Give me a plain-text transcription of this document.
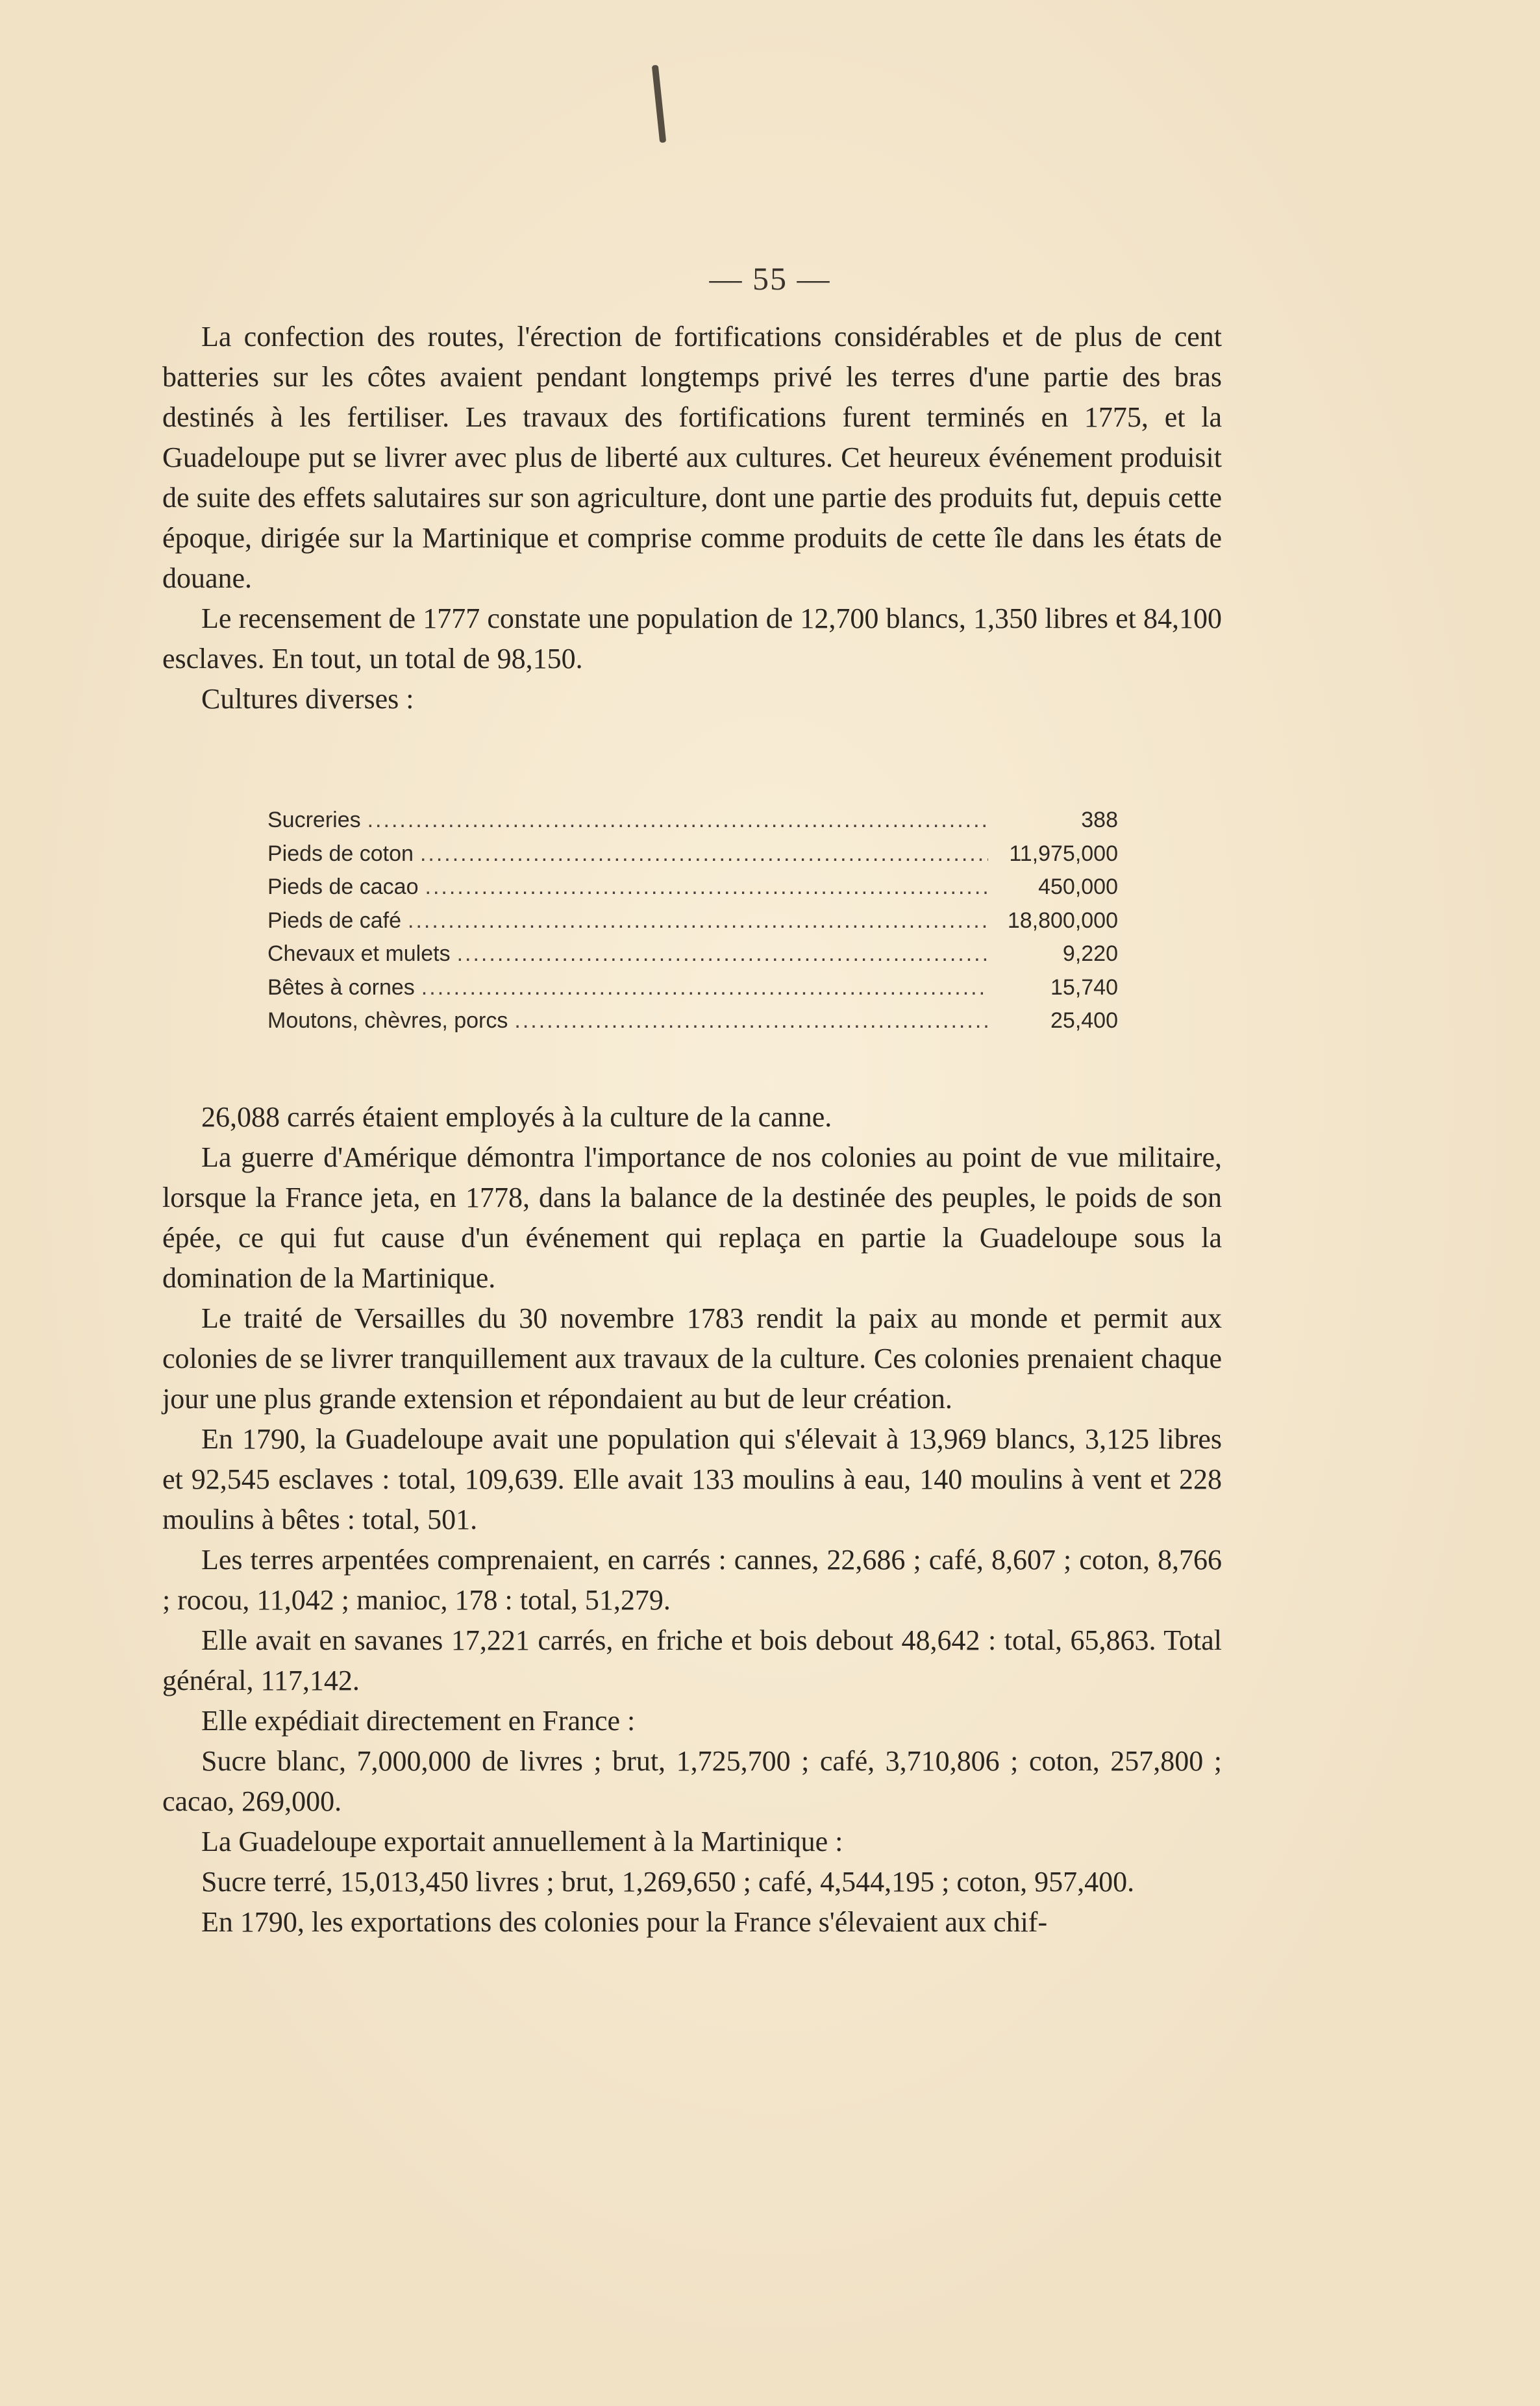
— 55 —

La confection des routes, l'érection de fortifications considérables et de plus de cent batteries sur les côtes avaient pendant longtemps privé les terres d'une partie des bras destinés à les fertiliser. Les travaux des fortifications furent terminés en 1775, et la Guadeloupe put se livrer avec plus de liberté aux cultures. Cet heureux événement produisit de suite des effets salutaires sur son agriculture, dont une partie des produits fut, depuis cette époque, dirigée sur la Martinique et comprise comme produits de cette île dans les états de douane.

Le recensement de 1777 constate une population de 12,700 blancs, 1,350 libres et 84,100 esclaves. En tout, un total de 98,150.

Cultures diverses :

Sucreries .....	388
Pieds de coton .....	11,975,000
Pieds de cacao .....	450,000
Pieds de café .....	18,800,000
Chevaux et mulets .....	9,220
Bêtes à cornes .....	15,740
Moutons, chèvres, porcs .....	25,400

26,088 carrés étaient employés à la culture de la canne.

La guerre d'Amérique démontra l'importance de nos colonies au point de vue militaire, lorsque la France jeta, en 1778, dans la balance de la destinée des peuples, le poids de son épée, ce qui fut cause d'un événement qui replaça en partie la Guadeloupe sous la domination de la Martinique.

Le traité de Versailles du 30 novembre 1783 rendit la paix au monde et permit aux colonies de se livrer tranquillement aux travaux de la culture. Ces colonies prenaient chaque jour une plus grande extension et répondaient au but de leur création.

En 1790, la Guadeloupe avait une population qui s'élevait à 13,969 blancs, 3,125 libres et 92,545 esclaves : total, 109,639. Elle avait 133 moulins à eau, 140 moulins à vent et 228 moulins à bêtes : total, 501.

Les terres arpentées comprenaient, en carrés : cannes, 22,686 ; café, 8,607 ; coton, 8,766 ; rocou, 11,042 ; manioc, 178 : total, 51,279.

Elle avait en savanes 17,221 carrés, en friche et bois debout 48,642 : total, 65,863. Total général, 117,142.

Elle expédiait directement en France :

Sucre blanc, 7,000,000 de livres ; brut, 1,725,700 ; café, 3,710,806 ; coton, 257,800 ; cacao, 269,000.

La Guadeloupe exportait annuellement à la Martinique :

Sucre terré, 15,013,450 livres ; brut, 1,269,650 ; café, 4,544,195 ; coton, 957,400.

En 1790, les exportations des colonies pour la France s'élevaient aux chif-
